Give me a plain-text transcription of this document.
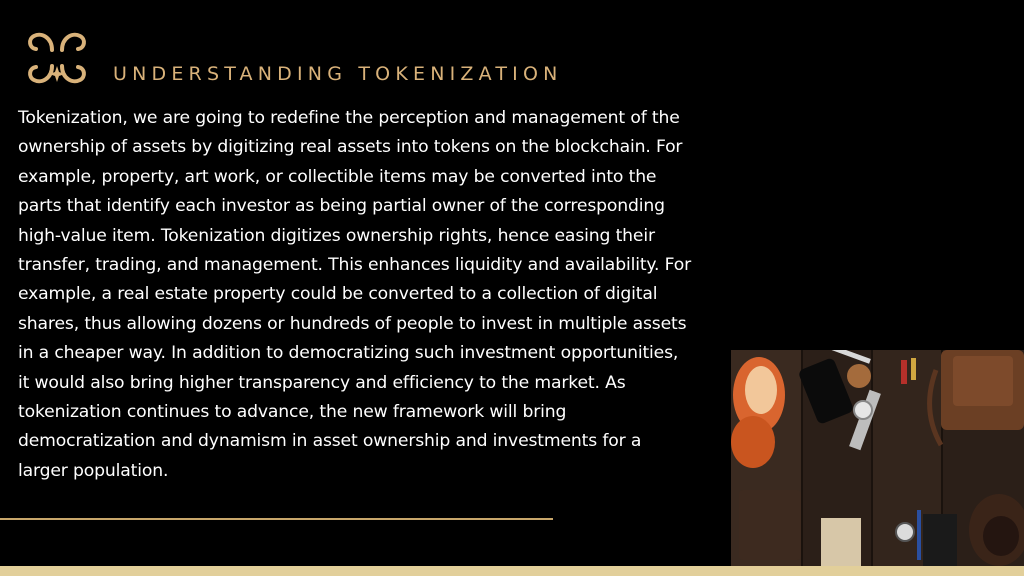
UNDERSTANDING TOKENIZATION
Tokenization, we are going to redefine the perception and management of the
ownership of assets by digitizing real assets into tokens on the blockchain. For
example, property, art work, or collectible items may be converted into the
parts that identify each investor as being partial owner of the corresponding
high-value item. Tokenization digitizes ownership rights, hence easing their
transfer, trading, and management. This enhances liquidity and availability. For
example, a real estate property could be converted to a collection of digital
shares, thus allowing dozens or hundreds of people to invest in multiple assets
in a cheaper way. In addition to democratizing such investment opportunities,
it would also bring higher transparency and efficiency to the market. As
tokenization continues to advance, the new framework will bring
democratization and dynamism in asset ownership and investments for a
larger population.
